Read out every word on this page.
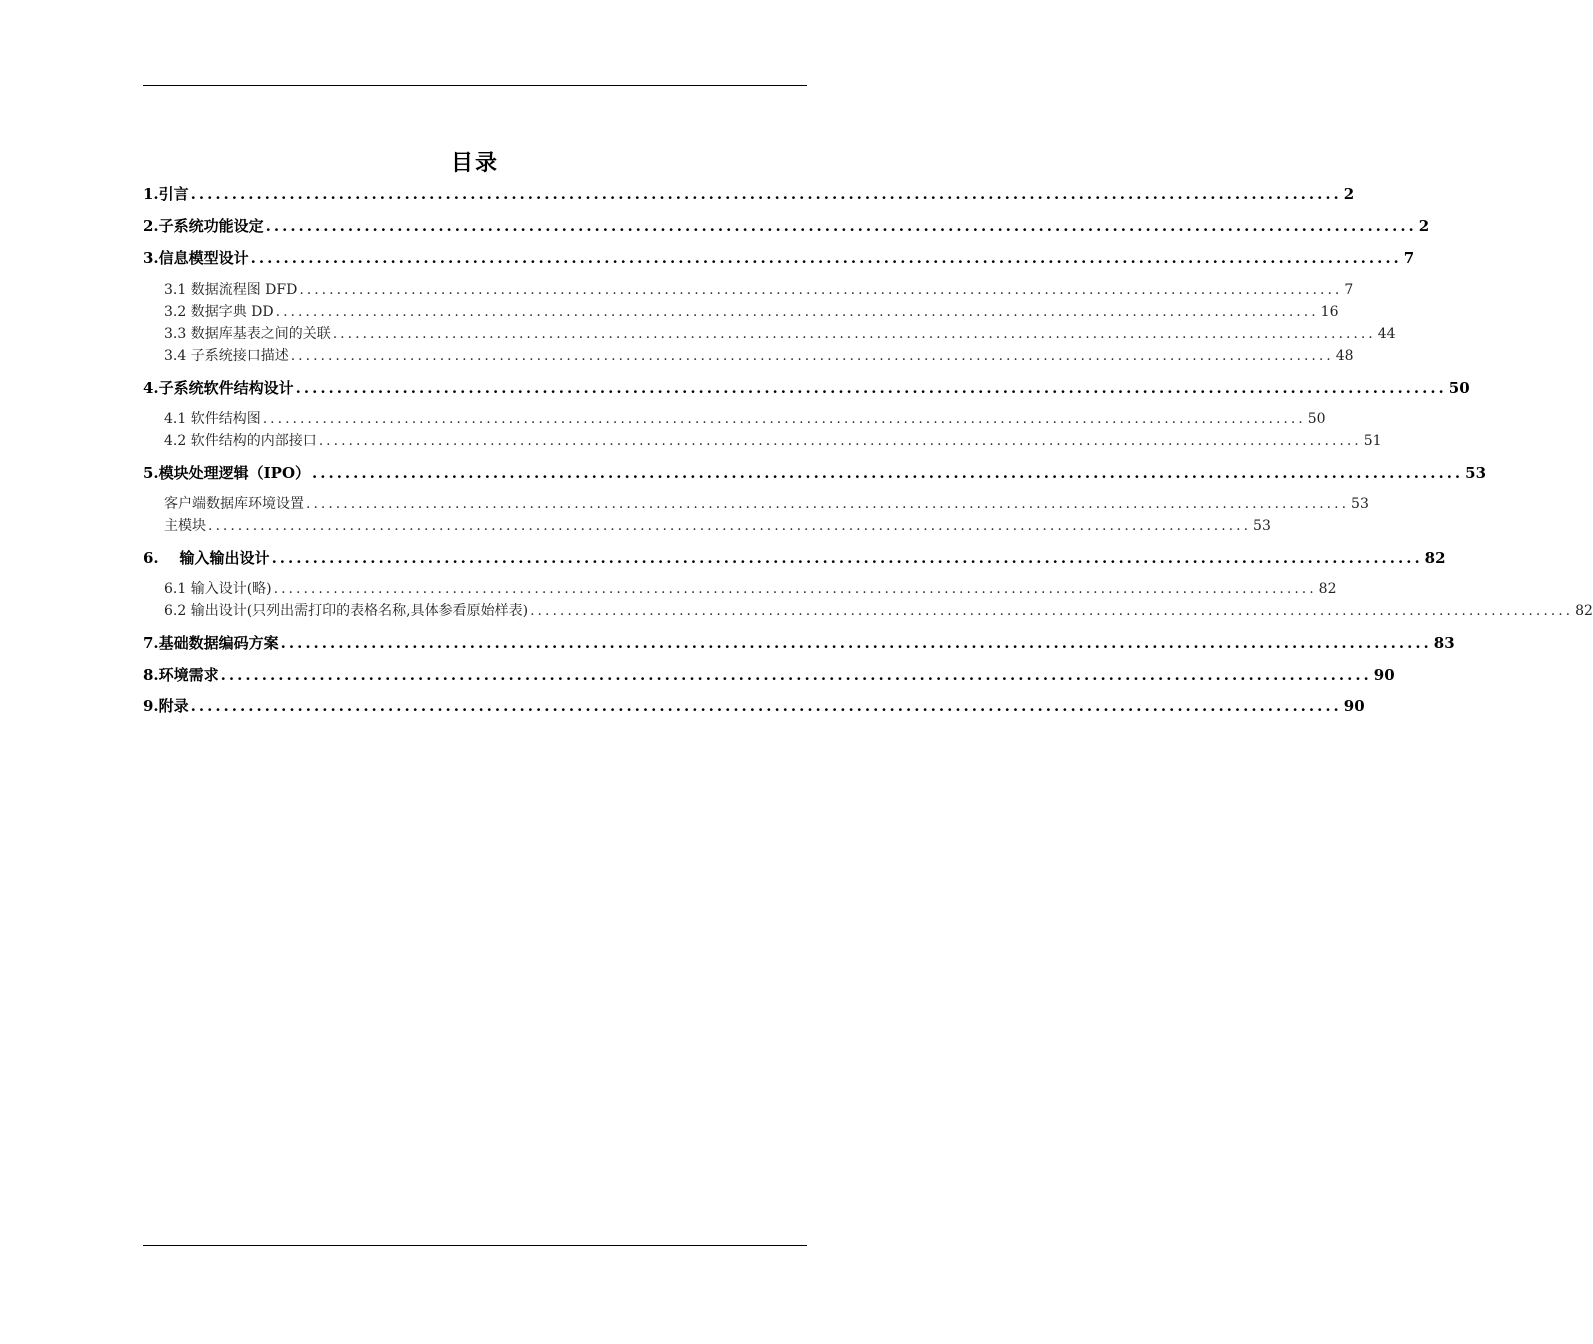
目录
1.引言 ............................................................................................................................................ 2
2.子系统功能设定 ............................................................................................................................................ 2
3.信息模型设计 ............................................................................................................................................ 7
3.1 数据流程图 DFD ............................................................................................................................................ 7
3.2 数据字典 DD ............................................................................................................................................ 16
3.3 数据库基表之间的关联 ............................................................................................................................................ 44
3.4 子系统接口描述 ............................................................................................................................................ 48
4.子系统软件结构设计 ............................................................................................................................................ 50
4.1 软件结构图 ............................................................................................................................................ 50
4.2 软件结构的内部接口 ............................................................................................................................................ 51
5.模块处理逻辑（IPO） ............................................................................................................................................ 53
客户端数据库环境设置 ............................................................................................................................................ 53
主模块 ............................................................................................................................................ 53
6.    输入输出设计 ............................................................................................................................................ 82
6.1 输入设计(略) ............................................................................................................................................ 82
6.2 输出设计(只列出需打印的表格名称,具体参看原始样表) ............................................................................................................................................ 82
7.基础数据编码方案 ............................................................................................................................................ 83
8.环境需求 ............................................................................................................................................ 90
9.附录 ............................................................................................................................................ 90
